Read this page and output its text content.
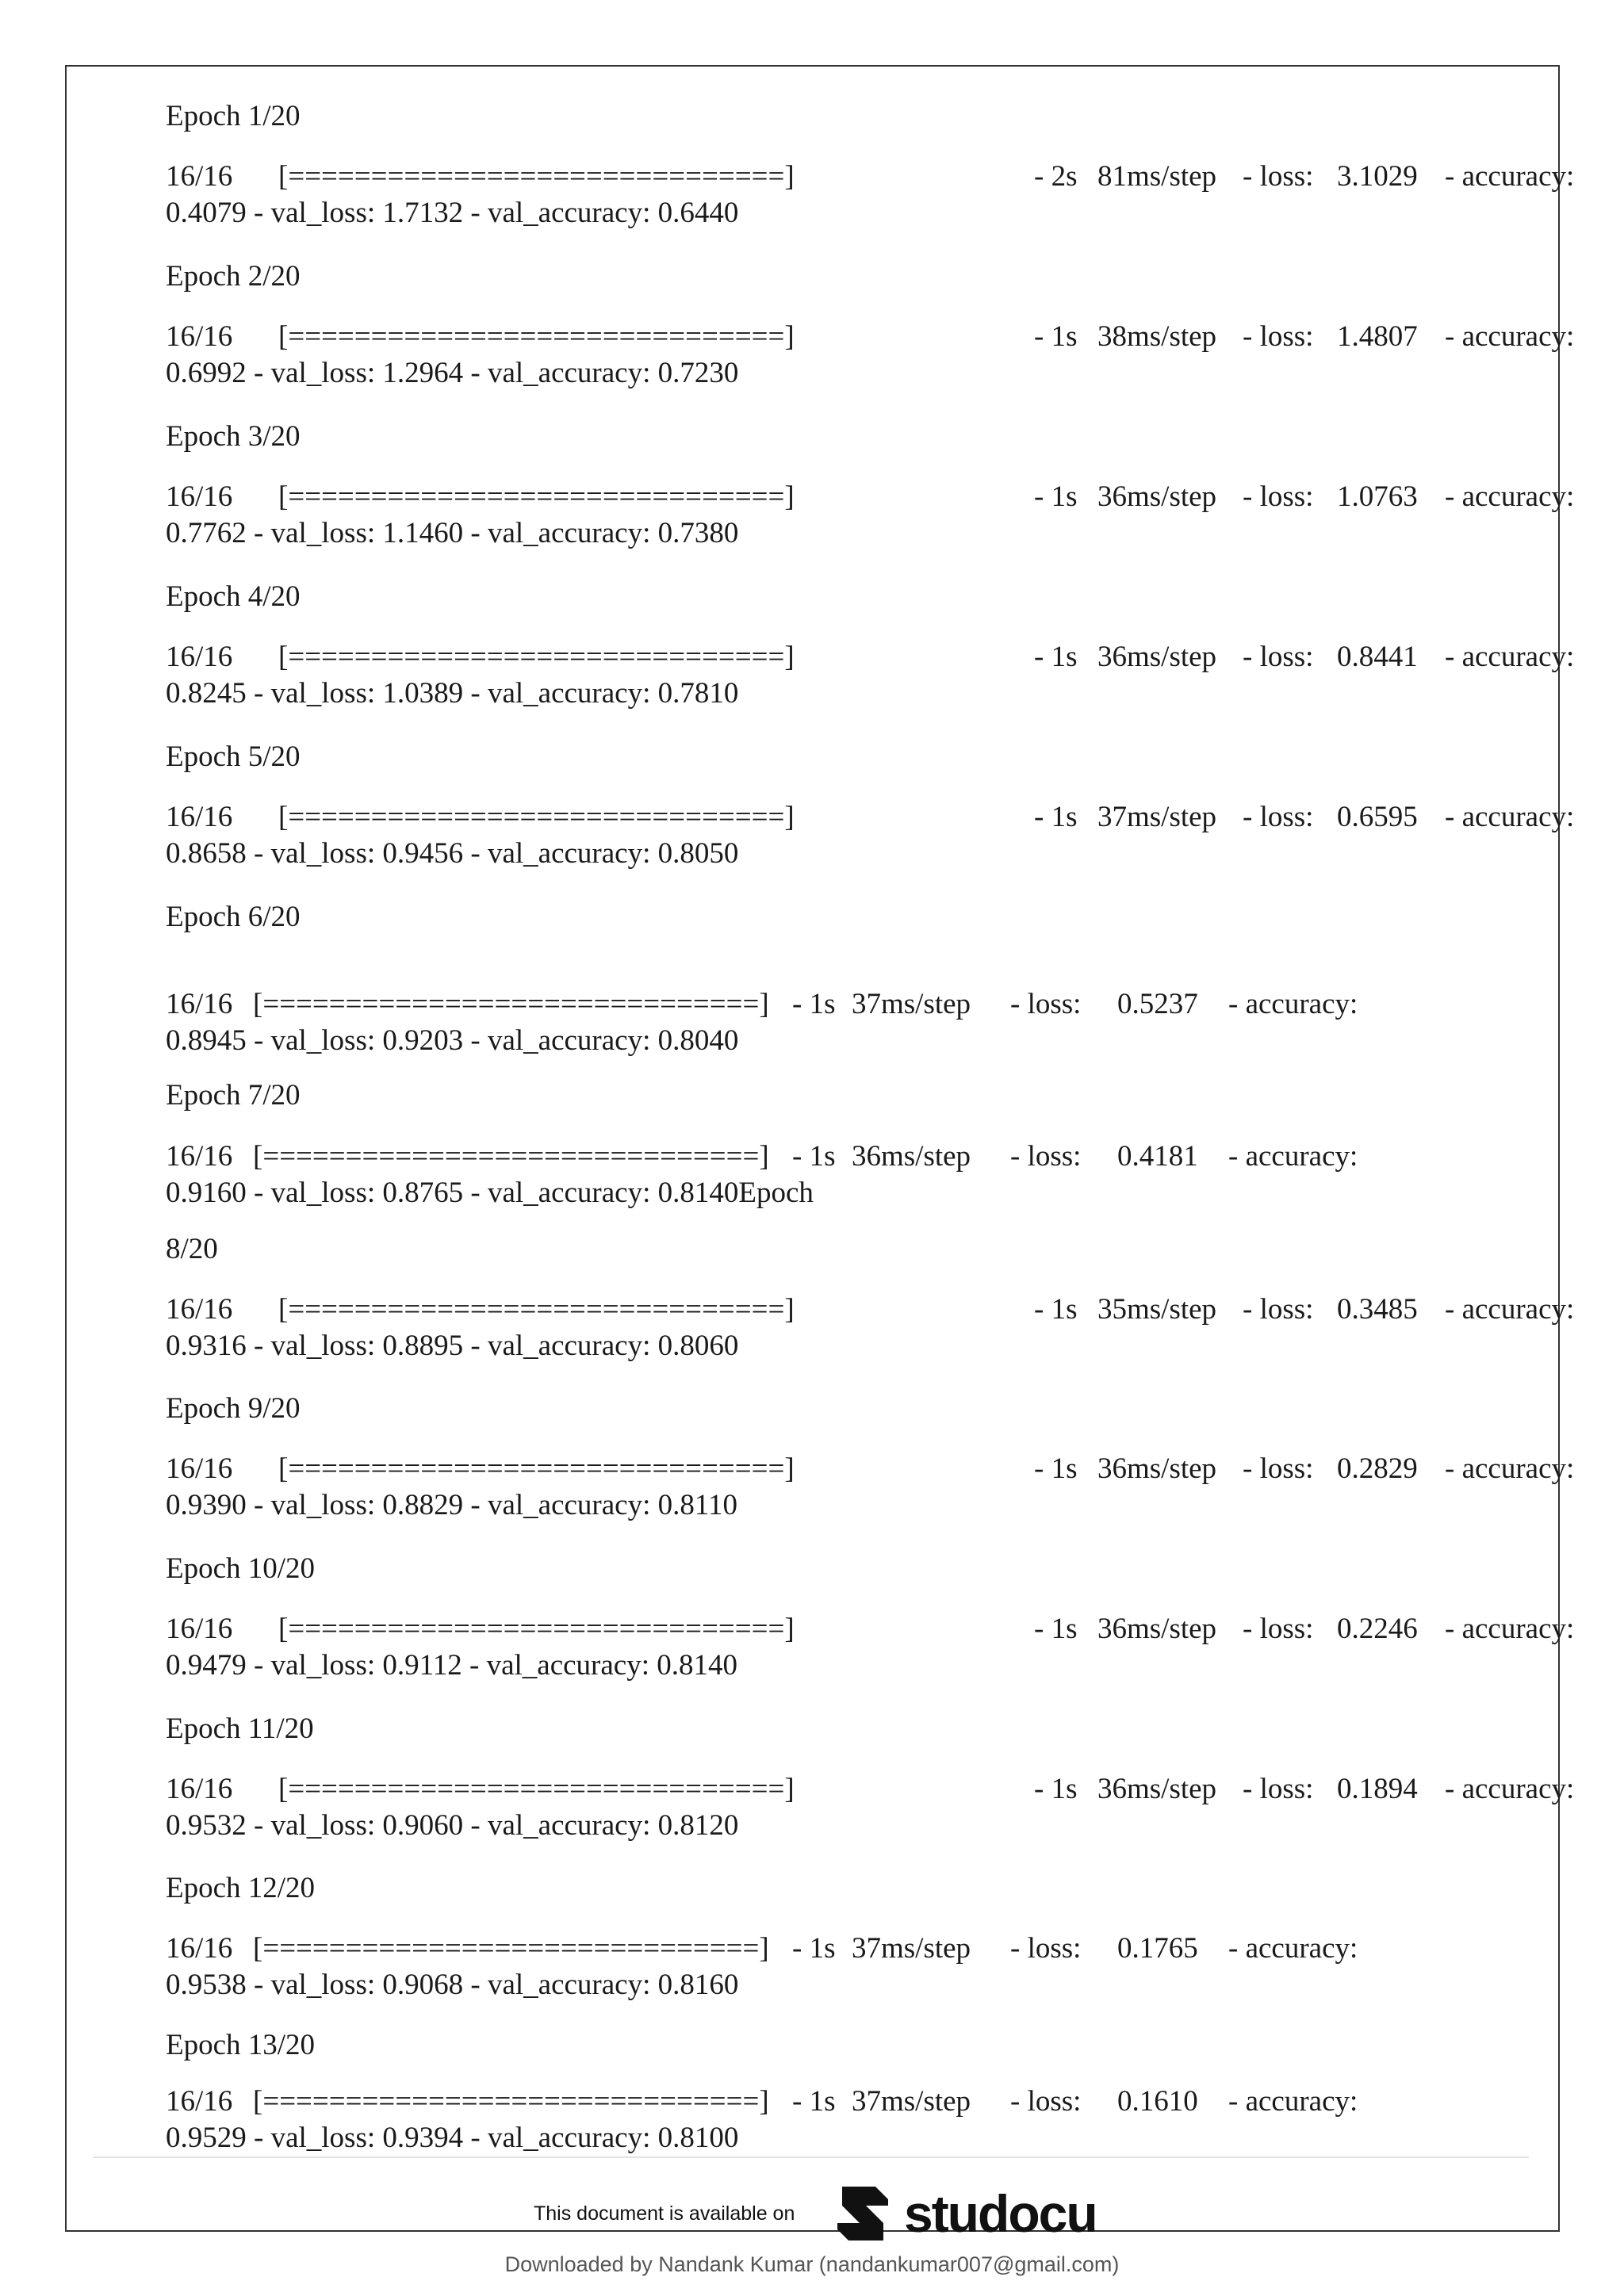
Epoch 1/20
16/16 [==============================]	- 2s 81ms/step - loss: 3.1029 - accuracy:
0.4079 - val_loss: 1.7132 - val_accuracy: 0.6440
Epoch 2/20
16/16 [==============================]	- 1s 38ms/step - loss: 1.4807 - accuracy:
0.6992 - val_loss: 1.2964 - val_accuracy: 0.7230
Epoch 3/20
16/16 [==============================]	- 1s 36ms/step - loss: 1.0763 - accuracy:
0.7762 - val_loss: 1.1460 - val_accuracy: 0.7380
Epoch 4/20
16/16 [==============================]	- 1s 36ms/step - loss: 0.8441 - accuracy:
0.8245 - val_loss: 1.0389 - val_accuracy: 0.7810
Epoch 5/20
16/16 [==============================]	- 1s 37ms/step - loss: 0.6595 - accuracy:
0.8658 - val_loss: 0.9456 - val_accuracy: 0.8050
Epoch 6/20
16/16 [==============================] - 1s 37ms/step - loss: 0.5237 - accuracy:
0.8945 - val_loss: 0.9203 - val_accuracy: 0.8040
Epoch 7/20
16/16 [==============================] - 1s 36ms/step - loss: 0.4181 - accuracy:
0.9160 - val_loss: 0.8765 - val_accuracy: 0.8140Epoch
8/20
16/16 [==============================]	- 1s 35ms/step - loss: 0.3485 - accuracy:
0.9316 - val_loss: 0.8895 - val_accuracy: 0.8060
Epoch 9/20
16/16 [==============================]	- 1s 36ms/step - loss: 0.2829 - accuracy:
0.9390 - val_loss: 0.8829 - val_accuracy: 0.8110
Epoch 10/20
16/16 [==============================]	- 1s 36ms/step - loss: 0.2246 - accuracy:
0.9479 - val_loss: 0.9112 - val_accuracy: 0.8140
Epoch 11/20
16/16 [==============================]	- 1s 36ms/step - loss: 0.1894 - accuracy:
0.9532 - val_loss: 0.9060 - val_accuracy: 0.8120
Epoch 12/20
16/16 [==============================] - 1s 37ms/step - loss: 0.1765 - accuracy:
0.9538 - val_loss: 0.9068 - val_accuracy: 0.8160
Epoch 13/20
16/16 [==============================] - 1s 37ms/step - loss: 0.1610 - accuracy:
0.9529 - val_loss: 0.9394 - val_accuracy: 0.8100
This document is available on studocu
Downloaded by Nandank Kumar (nandankumar007@gmail.com)
